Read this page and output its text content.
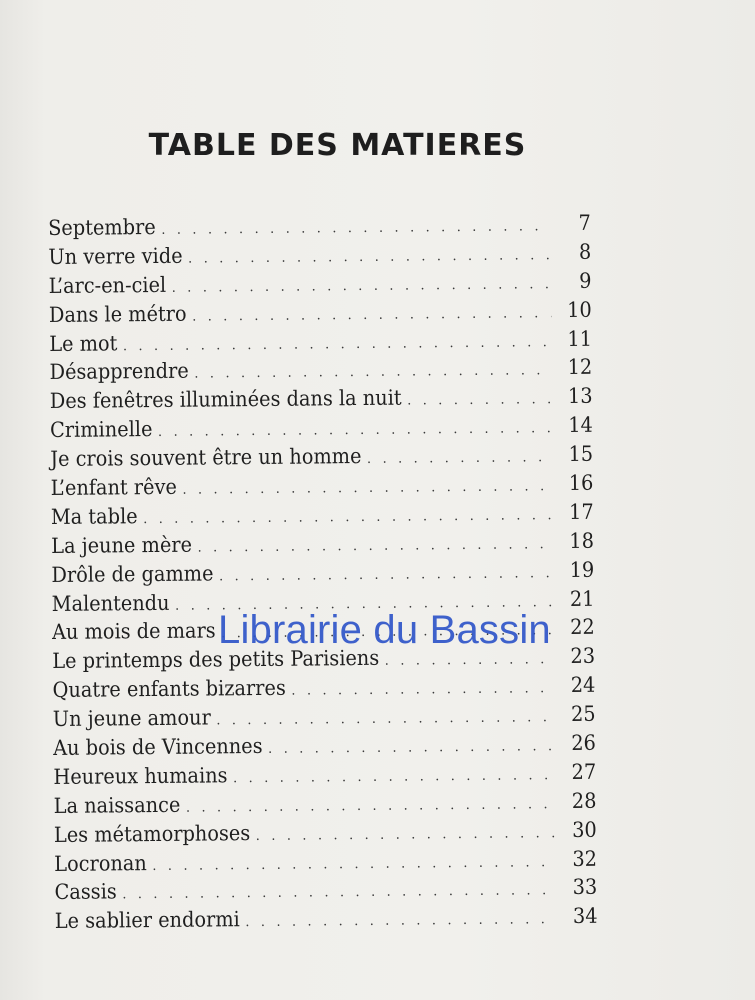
TABLE DES MATIERES
Septembre . . .	7
Un verre vide . . .	8
L’arc-en-ciel . . .	9
Dans le métro . . .	10
Le mot . . .	11
Désapprendre . . .	12
Des fenêtres illuminées dans la nuit . . .	13
Criminelle . . .	14
Je crois souvent être un homme . . .	15
L’enfant rêve . . .	16
Ma table . . .	17
La jeune mère . . .	18
Drôle de gamme . . .	19
Malentendu . . .	21
Au mois de mars . . .	22
Le printemps des petits Parisiens . . .	23
Quatre enfants bizarres . . .	24
Un jeune amour . . .	25
Au bois de Vincennes . . .	26
Heureux humains . . .	27
La naissance . . .	28
Les métamorphoses . . .	30
Locronan . . .	32
Cassis . . .	33
Le sablier endormi . . .	34
Librairie du Bassin
